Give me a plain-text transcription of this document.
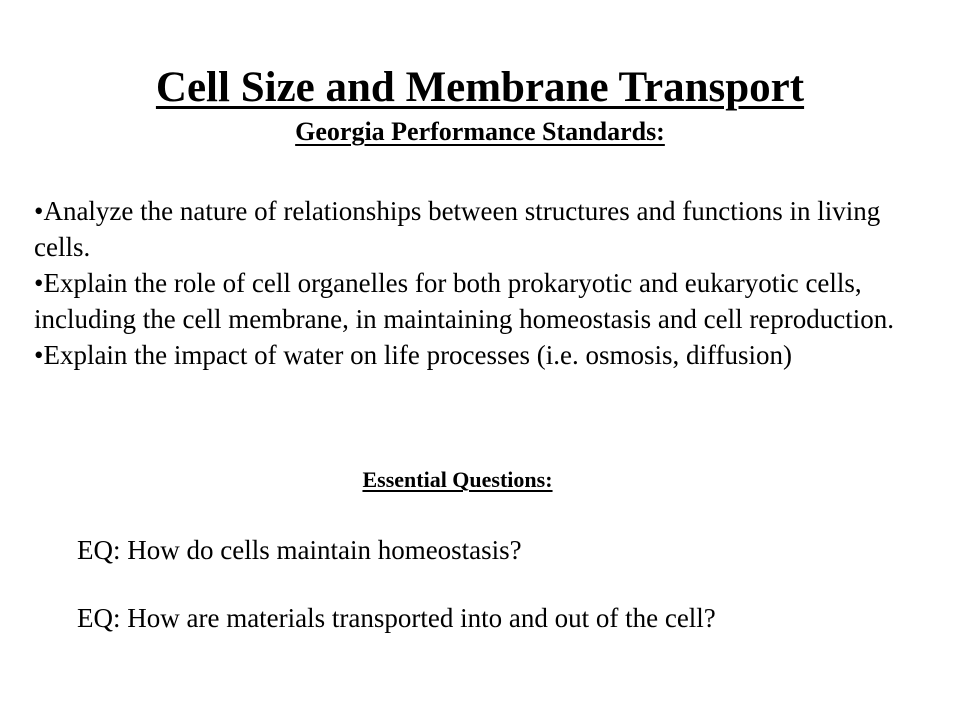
Cell Size and Membrane Transport
Georgia Performance Standards:
•Analyze the nature of relationships between structures and functions in living cells.
•Explain the role of cell organelles for both prokaryotic and eukaryotic cells, including the cell membrane, in maintaining homeostasis and cell reproduction.
•Explain the impact of water on life processes (i.e. osmosis, diffusion)
Essential Questions:
EQ: How do cells maintain homeostasis?
EQ: How are materials transported into and out of the cell?
